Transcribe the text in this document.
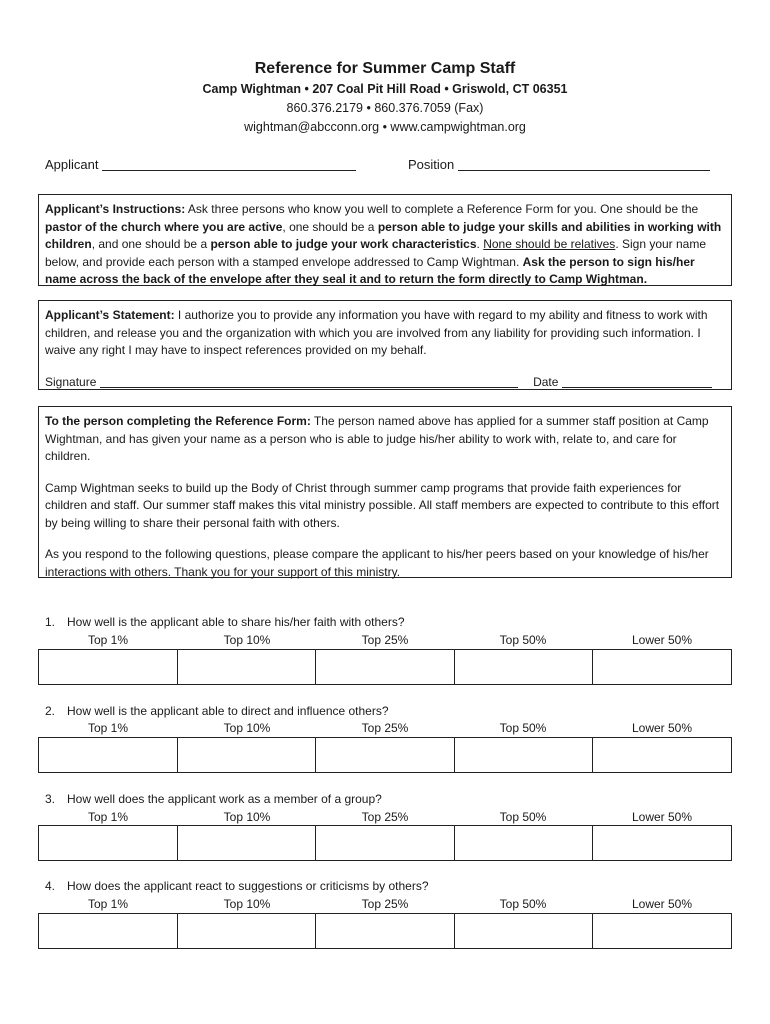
Reference for Summer Camp Staff
Camp Wightman • 207 Coal Pit Hill Road • Griswold, CT 06351
860.376.2179 • 860.376.7059 (Fax)
wightman@abcconn.org • www.campwightman.org
Applicant	Position
Applicant’s Instructions: Ask three persons who know you well to complete a Reference Form for you. One should be the pastor of the church where you are active, one should be a person able to judge your skills and abilities in working with children, and one should be a person able to judge your work characteristics. None should be relatives. Sign your name below, and provide each person with a stamped envelope addressed to Camp Wightman. Ask the person to sign his/her name across the back of the envelope after they seal it and to return the form directly to Camp Wightman.
Applicant’s Statement: I authorize you to provide any information you have with regard to my ability and fitness to work with children, and release you and the organization with which you are involved from any liability for providing such information. I waive any right I may have to inspect references provided on my behalf.
Signature	Date

To the person completing the Reference Form: The person named above has applied for a summer staff position at Camp Wightman, and has given your name as a person who is able to judge his/her ability to work with, relate to, and care for children.

Camp Wightman seeks to build up the Body of Christ through summer camp programs that provide faith experiences for children and staff. Our summer staff makes this vital ministry possible. All staff members are expected to contribute to this effort by being willing to share their personal faith with others.

As you respond to the following questions, please compare the applicant to his/her peers based on your knowledge of his/her interactions with others. Thank you for your support of this ministry.

1. How well is the applicant able to share his/her faith with others?
Top 1%	Top 10%	Top 25%	Top 50%	Lower 50%
2. How well is the applicant able to direct and influence others?
Top 1%	Top 10%	Top 25%	Top 50%	Lower 50%
3. How well does the applicant work as a member of a group?
Top 1%	Top 10%	Top 25%	Top 50%	Lower 50%
4. How does the applicant react to suggestions or criticisms by others?
Top 1%	Top 10%	Top 25%	Top 50%	Lower 50%
